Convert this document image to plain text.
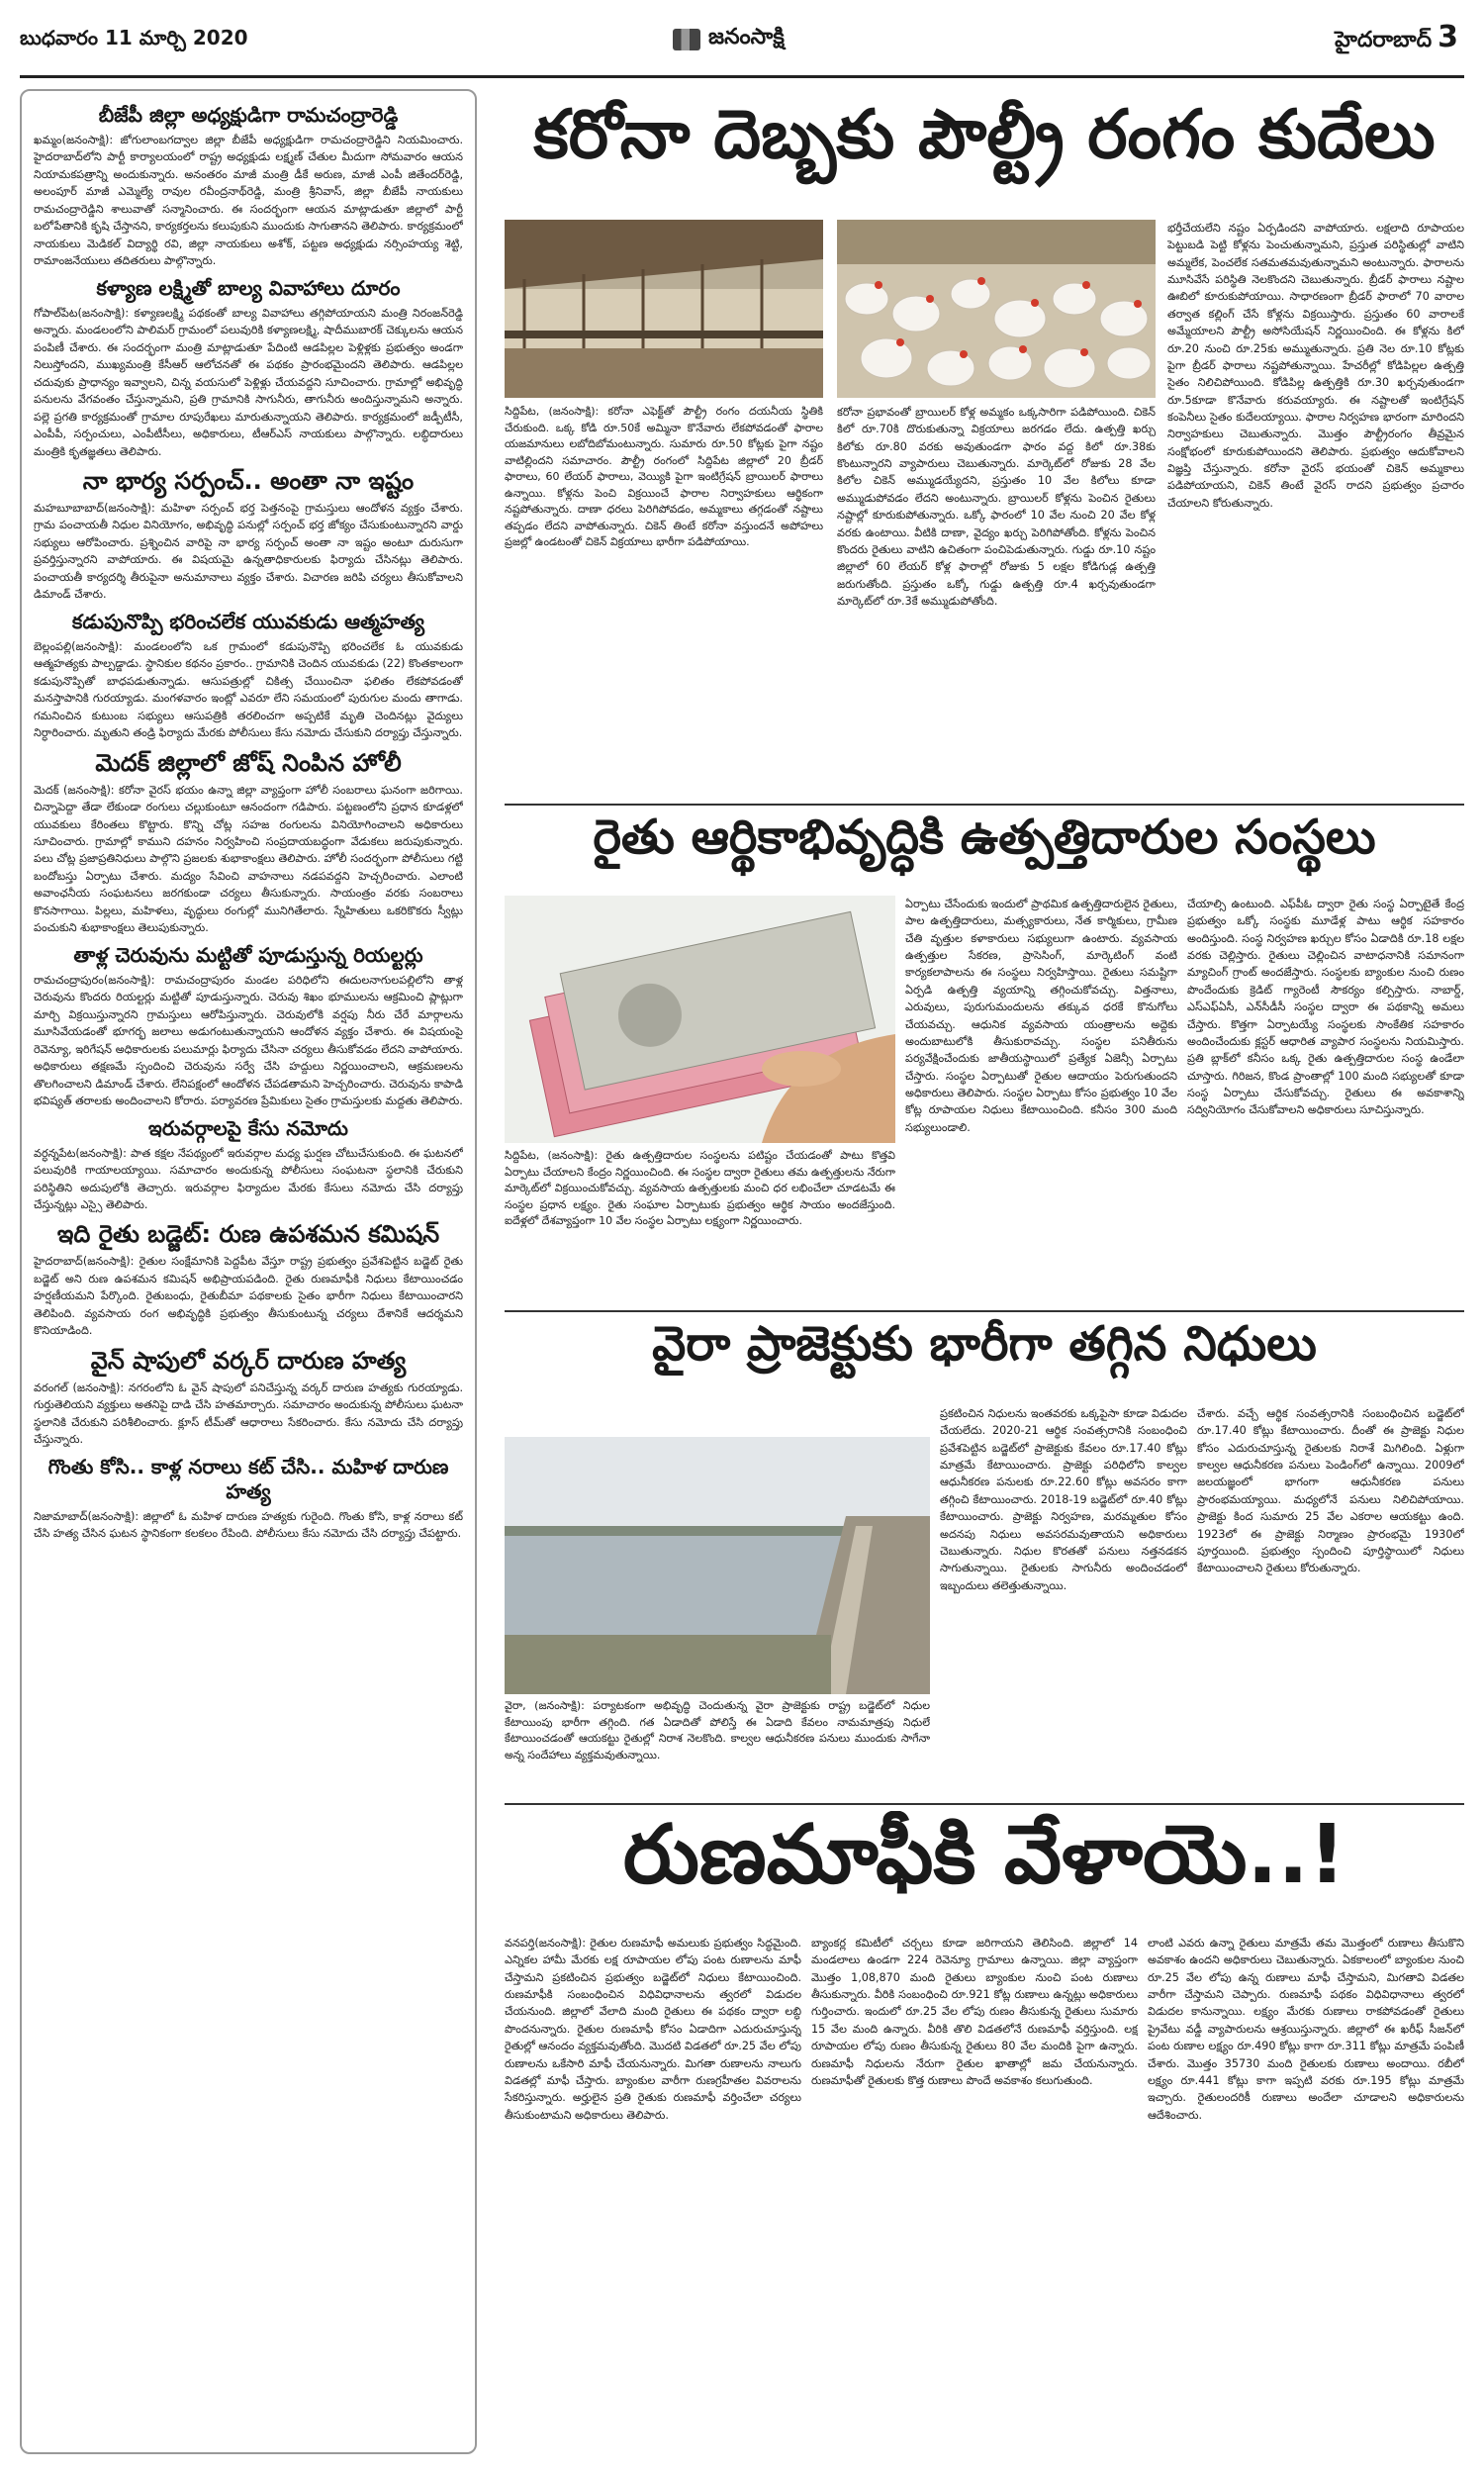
బుధవారం 11 మార్చి 2020	జనంసాక్షి	హైదరాబాద్ 3
బీజేపీ జిల్లా అధ్యక్షుడిగా రామచంద్రారెడ్డి
ఖమ్మం(జనంసాక్షి): జోగులాంబగద్వాల జిల్లా బీజేపీ అధ్యక్షుడిగా రామచంద్రారెడ్డిని నియమించారు. హైదరాబాద్‌లోని పార్టీ కార్యాలయంలో రాష్ట్ర అధ్యక్షుడు లక్ష్మణ్ చేతుల మీదుగా సోమవారం ఆయన నియామకపత్రాన్ని అందుకున్నారు. అనంతరం మాజీ మంత్రి డీకే అరుణ, మాజీ ఎంపీ జితేందర్‌రెడ్డి, అలంపూర్ మాజీ ఎమ్మెల్యే రావుల రవీంద్రనాథ్‌రెడ్డి, మంత్రి శ్రీనివాస్, జిల్లా బీజేపీ నాయకులు రామచంద్రారెడ్డిని శాలువాతో సన్మానించారు. ఈ సందర్భంగా ఆయన మాట్లాడుతూ జిల్లాలో పార్టీ బలోపేతానికి కృషి చేస్తానని, కార్యకర్తలను కలుపుకుని ముందుకు సాగుతానని తెలిపారు. కార్యక్రమంలో నాయకులు మెడికల్ విద్యార్థి రవి, జిల్లా నాయకులు అశోక్, పట్టణ అధ్యక్షుడు నర్సింహయ్య శెట్టి, రామాంజనేయులు తదితరులు పాల్గొన్నారు.
కళ్యాణ లక్ష్మితో బాల్య వివాహాలు దూరం
గోపాల్‌పేట(జనంసాక్షి): కళ్యాణలక్ష్మి పథకంతో బాల్య వివాహాలు తగ్గిపోయాయని మంత్రి నిరంజన్‌రెడ్డి అన్నారు. మండలంలోని పాలిమర్ గ్రామంలో పలువురికి కళ్యాణలక్ష్మి, షాదీముబారక్ చెక్కులను ఆయన పంపిణీ చేశారు. ఈ సందర్భంగా మంత్రి మాట్లాడుతూ పేదింటి ఆడపిల్లల పెళ్లిళ్లకు ప్రభుత్వం అండగా నిలుస్తోందని, ముఖ్యమంత్రి కేసీఆర్ ఆలోచనతో ఈ పథకం ప్రారంభమైందని తెలిపారు. ఆడపిల్లల చదువుకు ప్రాధాన్యం ఇవ్వాలని, చిన్న వయసులో పెళ్లిళ్లు చేయవద్దని సూచించారు. గ్రామాల్లో అభివృద్ధి పనులను వేగవంతం చేస్తున్నామని, ప్రతి గ్రామానికి సాగునీరు, తాగునీరు అందిస్తున్నామని అన్నారు. పల్లె ప్రగతి కార్యక్రమంతో గ్రామాల రూపురేఖలు మారుతున్నాయని తెలిపారు. కార్యక్రమంలో జడ్పీటీసీ, ఎంపీపీ, సర్పంచులు, ఎంపీటీసీలు, అధికారులు, టీఆర్ఎస్ నాయకులు పాల్గొన్నారు. లబ్ధిదారులు మంత్రికి కృతజ్ఞతలు తెలిపారు.
నా భార్య సర్పంచ్‌.. అంతా నా ఇష్టం
మహబూబాబాద్(జనంసాక్షి): మహిళా సర్పంచ్ భర్త పెత్తనంపై గ్రామస్తులు ఆందోళన వ్యక్తం చేశారు. గ్రామ పంచాయతీ నిధుల వినియోగం, అభివృద్ధి పనుల్లో సర్పంచ్ భర్త జోక్యం చేసుకుంటున్నారని వార్డు సభ్యులు ఆరోపించారు. ప్రశ్నించిన వారిపై నా భార్య సర్పంచ్ అంతా నా ఇష్టం అంటూ దురుసుగా ప్రవర్తిస్తున్నారని వాపోయారు. ఈ విషయమై ఉన్నతాధికారులకు ఫిర్యాదు చేసినట్లు తెలిపారు. పంచాయతీ కార్యదర్శి తీరుపైనా అనుమానాలు వ్యక్తం చేశారు. విచారణ జరిపి చర్యలు తీసుకోవాలని డిమాండ్ చేశారు.
కడుపునొప్పి భరించలేక యువకుడు ఆత్మహత్య
బెల్లంపల్లి(జనంసాక్షి): మండలంలోని ఒక గ్రామంలో కడుపునొప్పి భరించలేక ఓ యువకుడు ఆత్మహత్యకు పాల్పడ్డాడు. స్థానికుల కథనం ప్రకారం.. గ్రామానికి చెందిన యువకుడు (22) కొంతకాలంగా కడుపునొప్పితో బాధపడుతున్నాడు. ఆసుపత్రుల్లో చికిత్స చేయించినా ఫలితం లేకపోవడంతో మనస్తాపానికి గురయ్యాడు. మంగళవారం ఇంట్లో ఎవరూ లేని సమయంలో పురుగుల మందు తాగాడు. గమనించిన కుటుంబ సభ్యులు ఆసుపత్రికి తరలించగా అప్పటికే మృతి చెందినట్లు వైద్యులు నిర్ధారించారు. మృతుని తండ్రి ఫిర్యాదు మేరకు పోలీసులు కేసు నమోదు చేసుకుని దర్యాప్తు చేస్తున్నారు.
మెదక్‌ జిల్లాలో జోష్‌ నింపిన హోలీ
మెదక్ (జనంసాక్షి): కరోనా వైరస్ భయం ఉన్నా జిల్లా వ్యాప్తంగా హోలీ సంబరాలు ఘనంగా జరిగాయి. చిన్నాపెద్దా తేడా లేకుండా రంగులు చల్లుకుంటూ ఆనందంగా గడిపారు. పట్టణంలోని ప్రధాన కూడళ్లలో యువకులు కేరింతలు కొట్టారు. కొన్ని చోట్ల సహజ రంగులను వినియోగించాలని అధికారులు సూచించారు. గ్రామాల్లో కాముని దహనం నిర్వహించి సంప్రదాయబద్ధంగా వేడుకలు జరుపుకున్నారు. పలు చోట్ల ప్రజాప్రతినిధులు పాల్గొని ప్రజలకు శుభాకాంక్షలు తెలిపారు. హోలీ సందర్భంగా పోలీసులు గట్టి బందోబస్తు ఏర్పాటు చేశారు. మద్యం సేవించి వాహనాలు నడపవద్దని హెచ్చరించారు. ఎలాంటి అవాంఛనీయ సంఘటనలు జరగకుండా చర్యలు తీసుకున్నారు. సాయంత్రం వరకు సంబరాలు కొనసాగాయి. పిల్లలు, మహిళలు, వృద్ధులు రంగుల్లో మునిగితేలారు. స్నేహితులు ఒకరికొకరు స్వీట్లు పంచుకుని శుభాకాంక్షలు తెలుపుకున్నారు.
తాళ్ల చెరువును మట్టితో పూడుస్తున్న రియల్టర్లు
రామచంద్రాపురం(జనంసాక్షి): రామచంద్రాపురం మండల పరిధిలోని ఈదులనాగులపల్లిలోని తాళ్ల చెరువును కొందరు రియల్టర్లు మట్టితో పూడుస్తున్నారు. చెరువు శిఖం భూములను ఆక్రమించి ప్లాట్లుగా మార్చి విక్రయిస్తున్నారని గ్రామస్తులు ఆరోపిస్తున్నారు. చెరువులోకి వర్షపు నీరు చేరే మార్గాలను మూసివేయడంతో భూగర్భ జలాలు అడుగంటుతున్నాయని ఆందోళన వ్యక్తం చేశారు. ఈ విషయంపై రెవెన్యూ, ఇరిగేషన్ అధికారులకు పలుమార్లు ఫిర్యాదు చేసినా చర్యలు తీసుకోవడం లేదని వాపోయారు. అధికారులు తక్షణమే స్పందించి చెరువును సర్వే చేసి హద్దులు నిర్ణయించాలని, ఆక్రమణలను తొలగించాలని డిమాండ్ చేశారు. లేనిపక్షంలో ఆందోళన చేపడతామని హెచ్చరించారు. చెరువును కాపాడి భవిష్యత్ తరాలకు అందించాలని కోరారు. పర్యావరణ ప్రేమికులు సైతం గ్రామస్తులకు మద్దతు తెలిపారు.
ఇరువర్గాలపై కేసు నమోదు
వర్ధన్నపేట(జనంసాక్షి): పాత కక్షల నేపథ్యంలో ఇరువర్గాల మధ్య ఘర్షణ చోటుచేసుకుంది. ఈ ఘటనలో పలువురికి గాయాలయ్యాయి. సమాచారం అందుకున్న పోలీసులు సంఘటనా స్థలానికి చేరుకుని పరిస్థితిని అదుపులోకి తెచ్చారు. ఇరువర్గాల ఫిర్యాదుల మేరకు కేసులు నమోదు చేసి దర్యాప్తు చేస్తున్నట్లు ఎస్సై తెలిపారు.
ఇది రైతు బడ్జెట్‌: రుణ ఉపశమన కమిషన్‌
హైదరాబాద్(జనంసాక్షి): రైతుల సంక్షేమానికి పెద్దపీట వేస్తూ రాష్ట్ర ప్రభుత్వం ప్రవేశపెట్టిన బడ్జెట్ రైతు బడ్జెట్ అని రుణ ఉపశమన కమిషన్ అభిప్రాయపడింది. రైతు రుణమాఫీకి నిధులు కేటాయించడం హర్షణీయమని పేర్కొంది. రైతుబంధు, రైతుబీమా పథకాలకు సైతం భారీగా నిధులు కేటాయించారని తెలిపింది. వ్యవసాయ రంగ అభివృద్ధికి ప్రభుత్వం తీసుకుంటున్న చర్యలు దేశానికే ఆదర్శమని కొనియాడింది.
వైన్‌ షాపులో వర్కర్‌ దారుణ హత్య
వరంగల్ (జనంసాక్షి): నగరంలోని ఓ వైన్ షాపులో పనిచేస్తున్న వర్కర్ దారుణ హత్యకు గురయ్యాడు. గుర్తుతెలియని వ్యక్తులు అతనిపై దాడి చేసి హతమార్చారు. సమాచారం అందుకున్న పోలీసులు ఘటనా స్థలానికి చేరుకుని పరిశీలించారు. క్లూస్ టీమ్‌తో ఆధారాలు సేకరించారు. కేసు నమోదు చేసి దర్యాప్తు చేస్తున్నారు.
గొంతు కోసి.. కాళ్ల నరాలు కట్‌ చేసి.. మహిళ దారుణ హత్య
నిజామాబాద్(జనంసాక్షి): జిల్లాలో ఓ మహిళ దారుణ హత్యకు గురైంది. గొంతు కోసి, కాళ్ల నరాలు కట్ చేసి హత్య చేసిన ఘటన స్థానికంగా కలకలం రేపింది. పోలీసులు కేసు నమోదు చేసి దర్యాప్తు చేపట్టారు.
కరోనా దెబ్బకు పౌల్ట్రీ రంగం కుదేలు
సిద్దిపేట, (జనంసాక్షి): కరోనా ఎఫెక్ట్‌తో పౌల్ట్రీ రంగం దయనీయ స్థితికి చేరుకుంది. ఒక్క కోడి రూ.50కే అమ్మినా కొనేవారు లేకపోవడంతో ఫారాల యజమానులు లబోదిబోమంటున్నారు. సుమారు రూ.50 కోట్లకు పైగా నష్టం వాటిల్లిందని సమాచారం. పౌల్ట్రీ రంగంలో సిద్దిపేట జిల్లాలో 20 బ్రీడర్ ఫారాలు, 60 లేయర్ ఫారాలు, వెయ్యికి పైగా ఇంటిగ్రేషన్ బ్రాయిలర్ ఫారాలు ఉన్నాయి. కోళ్లను పెంచి విక్రయించే ఫారాల నిర్వాహకులు ఆర్థికంగా నష్టపోతున్నారు. దాణా ధరలు పెరిగిపోవడం, అమ్మకాలు తగ్గడంతో నష్టాలు తప్పడం లేదని వాపోతున్నారు. చికెన్ తింటే కరోనా వస్తుందనే అపోహలు ప్రజల్లో ఉండటంతో చికెన్ విక్రయాలు భారీగా పడిపోయాయి.
కరోనా ప్రభావంతో బ్రాయిలర్ కోళ్ల అమ్మకం ఒక్కసారిగా పడిపోయింది. చికెన్ కిలో రూ.70కి దొరుకుతున్నా విక్రయాలు జరగడం లేదు. ఉత్పత్తి ఖర్చు కిలోకు రూ.80 వరకు అవుతుండగా ఫారం వద్ద కిలో రూ.38కు కొంటున్నారని వ్యాపారులు చెబుతున్నారు. మార్కెట్‌లో రోజుకు 28 వేల కిలోల చికెన్ అమ్ముడయ్యేదని, ప్రస్తుతం 10 వేల కిలోలు కూడా అమ్ముడుపోవడం లేదని అంటున్నారు. బ్రాయిలర్ కోళ్లను పెంచిన రైతులు నష్టాల్లో కూరుకుపోతున్నారు. ఒక్కో ఫారంలో 10 వేల నుంచి 20 వేల కోళ్ల వరకు ఉంటాయి. వీటికి దాణా, వైద్యం ఖర్చు పెరిగిపోతోంది. కోళ్లను పెంచిన కొందరు రైతులు వాటిని ఉచితంగా పంచిపెడుతున్నారు. గుడ్డు రూ.10 నష్టం జిల్లాలో 60 లేయర్ కోళ్ల ఫారాల్లో రోజుకు 5 లక్షల కోడిగుడ్ల ఉత్పత్తి జరుగుతోంది. ప్రస్తుతం ఒక్కో గుడ్డు ఉత్పత్తి రూ.4 ఖర్చవుతుండగా మార్కెట్‌లో రూ.3కే అమ్ముడుపోతోంది.
భర్తీచేయలేని నష్టం ఏర్పడిందని వాపోయారు. లక్షలాది రూపాయల పెట్టుబడి పెట్టి కోళ్లను పెంచుతున్నామని, ప్రస్తుత పరిస్థితుల్లో వాటిని అమ్మలేక, పెంచలేక సతమతమవుతున్నామని అంటున్నారు. ఫారాలను మూసివేసే పరిస్థితి నెలకొందని చెబుతున్నారు. బ్రీడర్ ఫారాలు నష్టాల ఊబిలో కూరుకుపోయాయి. సాధారణంగా బ్రీడర్ ఫారాలో 70 వారాల తర్వాత కల్లింగ్ చేసే కోళ్లను విక్రయిస్తారు. ప్రస్తుతం 60 వారాలకే అమ్మేయాలని పౌల్ట్రీ అసోసియేషన్ నిర్ణయించింది. ఈ కోళ్లను కిలో రూ.20 నుంచి రూ.25కు అమ్ముతున్నారు. ప్రతి నెల రూ.10 కోట్లకు పైగా బ్రీడర్ ఫారాలు నష్టపోతున్నాయి. హేచరీల్లో కోడిపిల్లల ఉత్పత్తి సైతం నిలిచిపోయింది. కోడిపిల్ల ఉత్పత్తికి రూ.30 ఖర్చవుతుండగా రూ.5కూడా కొనేవారు కరువయ్యారు. ఈ నష్టాలతో ఇంటిగ్రేషన్ కంపెనీలు సైతం కుదేలయ్యాయి. ఫారాల నిర్వహణ భారంగా మారిందని నిర్వాహకులు చెబుతున్నారు. మొత్తం పౌల్ట్రీరంగం తీవ్రమైన సంక్షోభంలో కూరుకుపోయిందని తెలిపారు. ప్రభుత్వం ఆదుకోవాలని విజ్ఞప్తి చేస్తున్నారు. కరోనా వైరస్ భయంతో చికెన్ అమ్మకాలు పడిపోయాయని, చికెన్ తింటే వైరస్ రాదని ప్రభుత్వం ప్రచారం చేయాలని కోరుతున్నారు.
రైతు ఆర్థికాభివృద్ధికి ఉత్పత్తిదారుల సంస్థలు
సిద్దిపేట, (జనంసాక్షి): రైతు ఉత్పత్తిదారుల సంస్థలను పటిష్టం చేయడంతో పాటు కొత్తవి ఏర్పాటు చేయాలని కేంద్రం నిర్ణయించింది. ఈ సంస్థల ద్వారా రైతులు తమ ఉత్పత్తులను నేరుగా మార్కెట్‌లో విక్రయించుకోవచ్చు. వ్యవసాయ ఉత్పత్తులకు మంచి ధర లభించేలా చూడటమే ఈ సంస్థల ప్రధాన లక్ష్యం. రైతు సంఘాల ఏర్పాటుకు ప్రభుత్వం ఆర్థిక సాయం అందజేస్తుంది. ఐదేళ్లలో దేశవ్యాప్తంగా 10 వేల సంస్థల ఏర్పాటు లక్ష్యంగా నిర్ణయించారు.
ఏర్పాటు చేసేందుకు ఇందులో ప్రాథమిక ఉత్పత్తిదారులైన రైతులు, పాల ఉత్పత్తిదారులు, మత్స్యకారులు, నేత కార్మికులు, గ్రామీణ చేతి వృత్తుల కళాకారులు సభ్యులుగా ఉంటారు. వ్యవసాయ ఉత్పత్తుల సేకరణ, ప్రాసెసింగ్, మార్కెటింగ్ వంటి కార్యకలాపాలను ఈ సంస్థలు నిర్వహిస్తాయి. రైతులు సమష్టిగా ఏర్పడి ఉత్పత్తి వ్యయాన్ని తగ్గించుకోవచ్చు. విత్తనాలు, ఎరువులు, పురుగుమందులను తక్కువ ధరకే కొనుగోలు చేయవచ్చు. ఆధునిక వ్యవసాయ యంత్రాలను అద్దెకు అందుబాటులోకి తీసుకురావచ్చు. సంస్థల పనితీరును పర్యవేక్షించేందుకు జాతీయస్థాయిలో ప్రత్యేక ఏజెన్సీ ఏర్పాటు చేస్తారు. సంస్థల ఏర్పాటుతో రైతుల ఆదాయం పెరుగుతుందని అధికారులు తెలిపారు. సంస్థల ఏర్పాటు కోసం ప్రభుత్వం 10 వేల కోట్ల రూపాయల నిధులు కేటాయించింది. కనీసం 300 మంది సభ్యులుండాలి.
చేయాల్సి ఉంటుంది. ఎఫ్‌పీఓ ద్వారా రైతు సంస్థ ఏర్పాటైతే కేంద్ర ప్రభుత్వం ఒక్కో సంస్థకు మూడేళ్ల పాటు ఆర్థిక సహకారం అందిస్తుంది. సంస్థ నిర్వహణ ఖర్చుల కోసం ఏడాదికి రూ.18 లక్షల వరకు చెల్లిస్తారు. రైతులు చెల్లించిన వాటాధనానికి సమానంగా మ్యాచింగ్ గ్రాంట్ అందజేస్తారు. సంస్థలకు బ్యాంకుల నుంచి రుణం పొందేందుకు క్రెడిట్ గ్యారెంటీ సౌకర్యం కల్పిస్తారు. నాబార్డ్, ఎస్‌ఎఫ్‌ఏసీ, ఎన్‌సీడీసీ సంస్థల ద్వారా ఈ పథకాన్ని అమలు చేస్తారు. కొత్తగా ఏర్పాటయ్యే సంస్థలకు సాంకేతిక సహకారం అందించేందుకు క్లస్టర్ ఆధారిత వ్యాపార సంస్థలను నియమిస్తారు. ప్రతి బ్లాక్‌లో కనీసం ఒక్క రైతు ఉత్పత్తిదారుల సంస్థ ఉండేలా చూస్తారు. గిరిజన, కొండ ప్రాంతాల్లో 100 మంది సభ్యులతో కూడా సంస్థ ఏర్పాటు చేసుకోవచ్చు. రైతులు ఈ అవకాశాన్ని సద్వినియోగం చేసుకోవాలని అధికారులు సూచిస్తున్నారు.
వైరా ప్రాజెక్టుకు భారీగా తగ్గిన నిధులు
వైరా, (జనంసాక్షి): పర్యాటకంగా అభివృద్ధి చెందుతున్న వైరా ప్రాజెక్టుకు రాష్ట్ర బడ్జెట్‌లో నిధుల కేటాయింపు భారీగా తగ్గింది. గత ఏడాదితో పోలిస్తే ఈ ఏడాది కేవలం నామమాత్రపు నిధులే కేటాయించడంతో ఆయకట్టు రైతుల్లో నిరాశ నెలకొంది. కాల్వల ఆధునీకరణ పనులు ముందుకు సాగేనా అన్న సందేహాలు వ్యక్తమవుతున్నాయి.
ప్రకటించిన నిధులను ఇంతవరకు ఒక్కపైసా కూడా విడుదల చేయలేదు. 2020-21 ఆర్థిక సంవత్సరానికి సంబంధించి ప్రవేశపెట్టిన బడ్జెట్‌లో ప్రాజెక్టుకు కేవలం రూ.17.40 కోట్లు మాత్రమే కేటాయించారు. ప్రాజెక్టు పరిధిలోని కాల్వల ఆధునీకరణ పనులకు రూ.22.60 కోట్లు అవసరం కాగా తగ్గించి కేటాయించారు. 2018-19 బడ్జెట్‌లో రూ.40 కోట్లు కేటాయించారు. ప్రాజెక్టు నిర్వహణ, మరమ్మతుల కోసం అదనపు నిధులు అవసరమవుతాయని అధికారులు చెబుతున్నారు. నిధుల కొరతతో పనులు నత్తనడకన సాగుతున్నాయి. రైతులకు సాగునీరు అందించడంలో ఇబ్బందులు తలెత్తుతున్నాయి.
చేశారు. వచ్చే ఆర్థిక సంవత్సరానికి సంబంధించిన బడ్జెట్‌లో రూ.17.40 కోట్లు కేటాయించారు. దీంతో ఈ ప్రాజెక్టు నిధుల కోసం ఎదురుచూస్తున్న రైతులకు నిరాశే మిగిలింది. ఏళ్లుగా కాల్వల ఆధునీకరణ పనులు పెండింగ్‌లో ఉన్నాయి. 2009లో జలయజ్ఞంలో భాగంగా ఆధునీకరణ పనులు ప్రారంభమయ్యాయి. మధ్యలోనే పనులు నిలిచిపోయాయి. ప్రాజెక్టు కింద సుమారు 25 వేల ఎకరాల ఆయకట్టు ఉంది. 1923లో ఈ ప్రాజెక్టు నిర్మాణం ప్రారంభమై 1930లో పూర్తయింది. ప్రభుత్వం స్పందించి పూర్తిస్థాయిలో నిధులు కేటాయించాలని రైతులు కోరుతున్నారు.
రుణమాఫీకి వేళాయె..!
వనపర్తి(జనంసాక్షి): రైతుల రుణమాఫీ అమలుకు ప్రభుత్వం సిద్ధమైంది. ఎన్నికల హామీ మేరకు లక్ష రూపాయల లోపు పంట రుణాలను మాఫీ చేస్తామని ప్రకటించిన ప్రభుత్వం బడ్జెట్‌లో నిధులు కేటాయించింది. రుణమాఫీకి సంబంధించిన విధివిధానాలను త్వరలో విడుదల చేయనుంది. జిల్లాలో వేలాది మంది రైతులు ఈ పథకం ద్వారా లబ్ధి పొందనున్నారు. రైతుల రుణమాఫీ కోసం ఏడాదిగా ఎదురుచూస్తున్న రైతుల్లో ఆనందం వ్యక్తమవుతోంది. మొదటి విడతలో రూ.25 వేల లోపు రుణాలను ఒకేసారి మాఫీ చేయనున్నారు. మిగతా రుణాలను నాలుగు విడతల్లో మాఫీ చేస్తారు. బ్యాంకుల వారీగా రుణగ్రహీతల వివరాలను సేకరిస్తున్నారు. అర్హులైన ప్రతి రైతుకు రుణమాఫీ వర్తించేలా చర్యలు తీసుకుంటామని అధికారులు తెలిపారు.
బ్యాంకర్ల కమిటీలో చర్చలు కూడా జరిగాయని తెలిసింది. జిల్లాలో 14 మండలాలు ఉండగా 224 రెవెన్యూ గ్రామాలు ఉన్నాయి. జిల్లా వ్యాప్తంగా మొత్తం 1,08,870 మంది రైతులు బ్యాంకుల నుంచి పంట రుణాలు తీసుకున్నారు. వీరికి సంబంధించి రూ.921 కోట్ల రుణాలు ఉన్నట్లు అధికారులు గుర్తించారు. ఇందులో రూ.25 వేల లోపు రుణం తీసుకున్న రైతులు సుమారు 15 వేల మంది ఉన్నారు. వీరికి తొలి విడతలోనే రుణమాఫీ వర్తిస్తుంది. లక్ష రూపాయల లోపు రుణం తీసుకున్న రైతులు 80 వేల మందికి పైగా ఉన్నారు. రుణమాఫీ నిధులను నేరుగా రైతుల ఖాతాల్లో జమ చేయనున్నారు. రుణమాఫీతో రైతులకు కొత్త రుణాలు పొందే అవకాశం కలుగుతుంది.
లాంటి ఎవరు ఉన్నా రైతులు మాత్రమే తమ మొత్తంలో రుణాలు తీసుకొని అవకాశం ఉందని అధికారులు చెబుతున్నారు. ఏకకాలంలో బ్యాంకుల నుంచి రూ.25 వేల లోపు ఉన్న రుణాలు మాఫీ చేస్తామని, మిగతావి విడతల వారీగా చేస్తామని చెప్పారు. రుణమాఫీ పథకం విధివిధానాలు త్వరలో విడుదల కానున్నాయి. లక్ష్యం మేరకు రుణాలు రాకపోవడంతో రైతులు ప్రైవేటు వడ్డీ వ్యాపారులను ఆశ్రయిస్తున్నారు. జిల్లాలో ఈ ఖరీఫ్ సీజన్‌లో పంట రుణాల లక్ష్యం రూ.490 కోట్లు కాగా రూ.311 కోట్లు మాత్రమే పంపిణీ చేశారు. మొత్తం 35730 మంది రైతులకు రుణాలు అందాయి. రబీలో లక్ష్యం రూ.441 కోట్లు కాగా ఇప్పటి వరకు రూ.195 కోట్లు మాత్రమే ఇచ్చారు. రైతులందరికీ రుణాలు అందేలా చూడాలని అధికారులను ఆదేశించారు.
